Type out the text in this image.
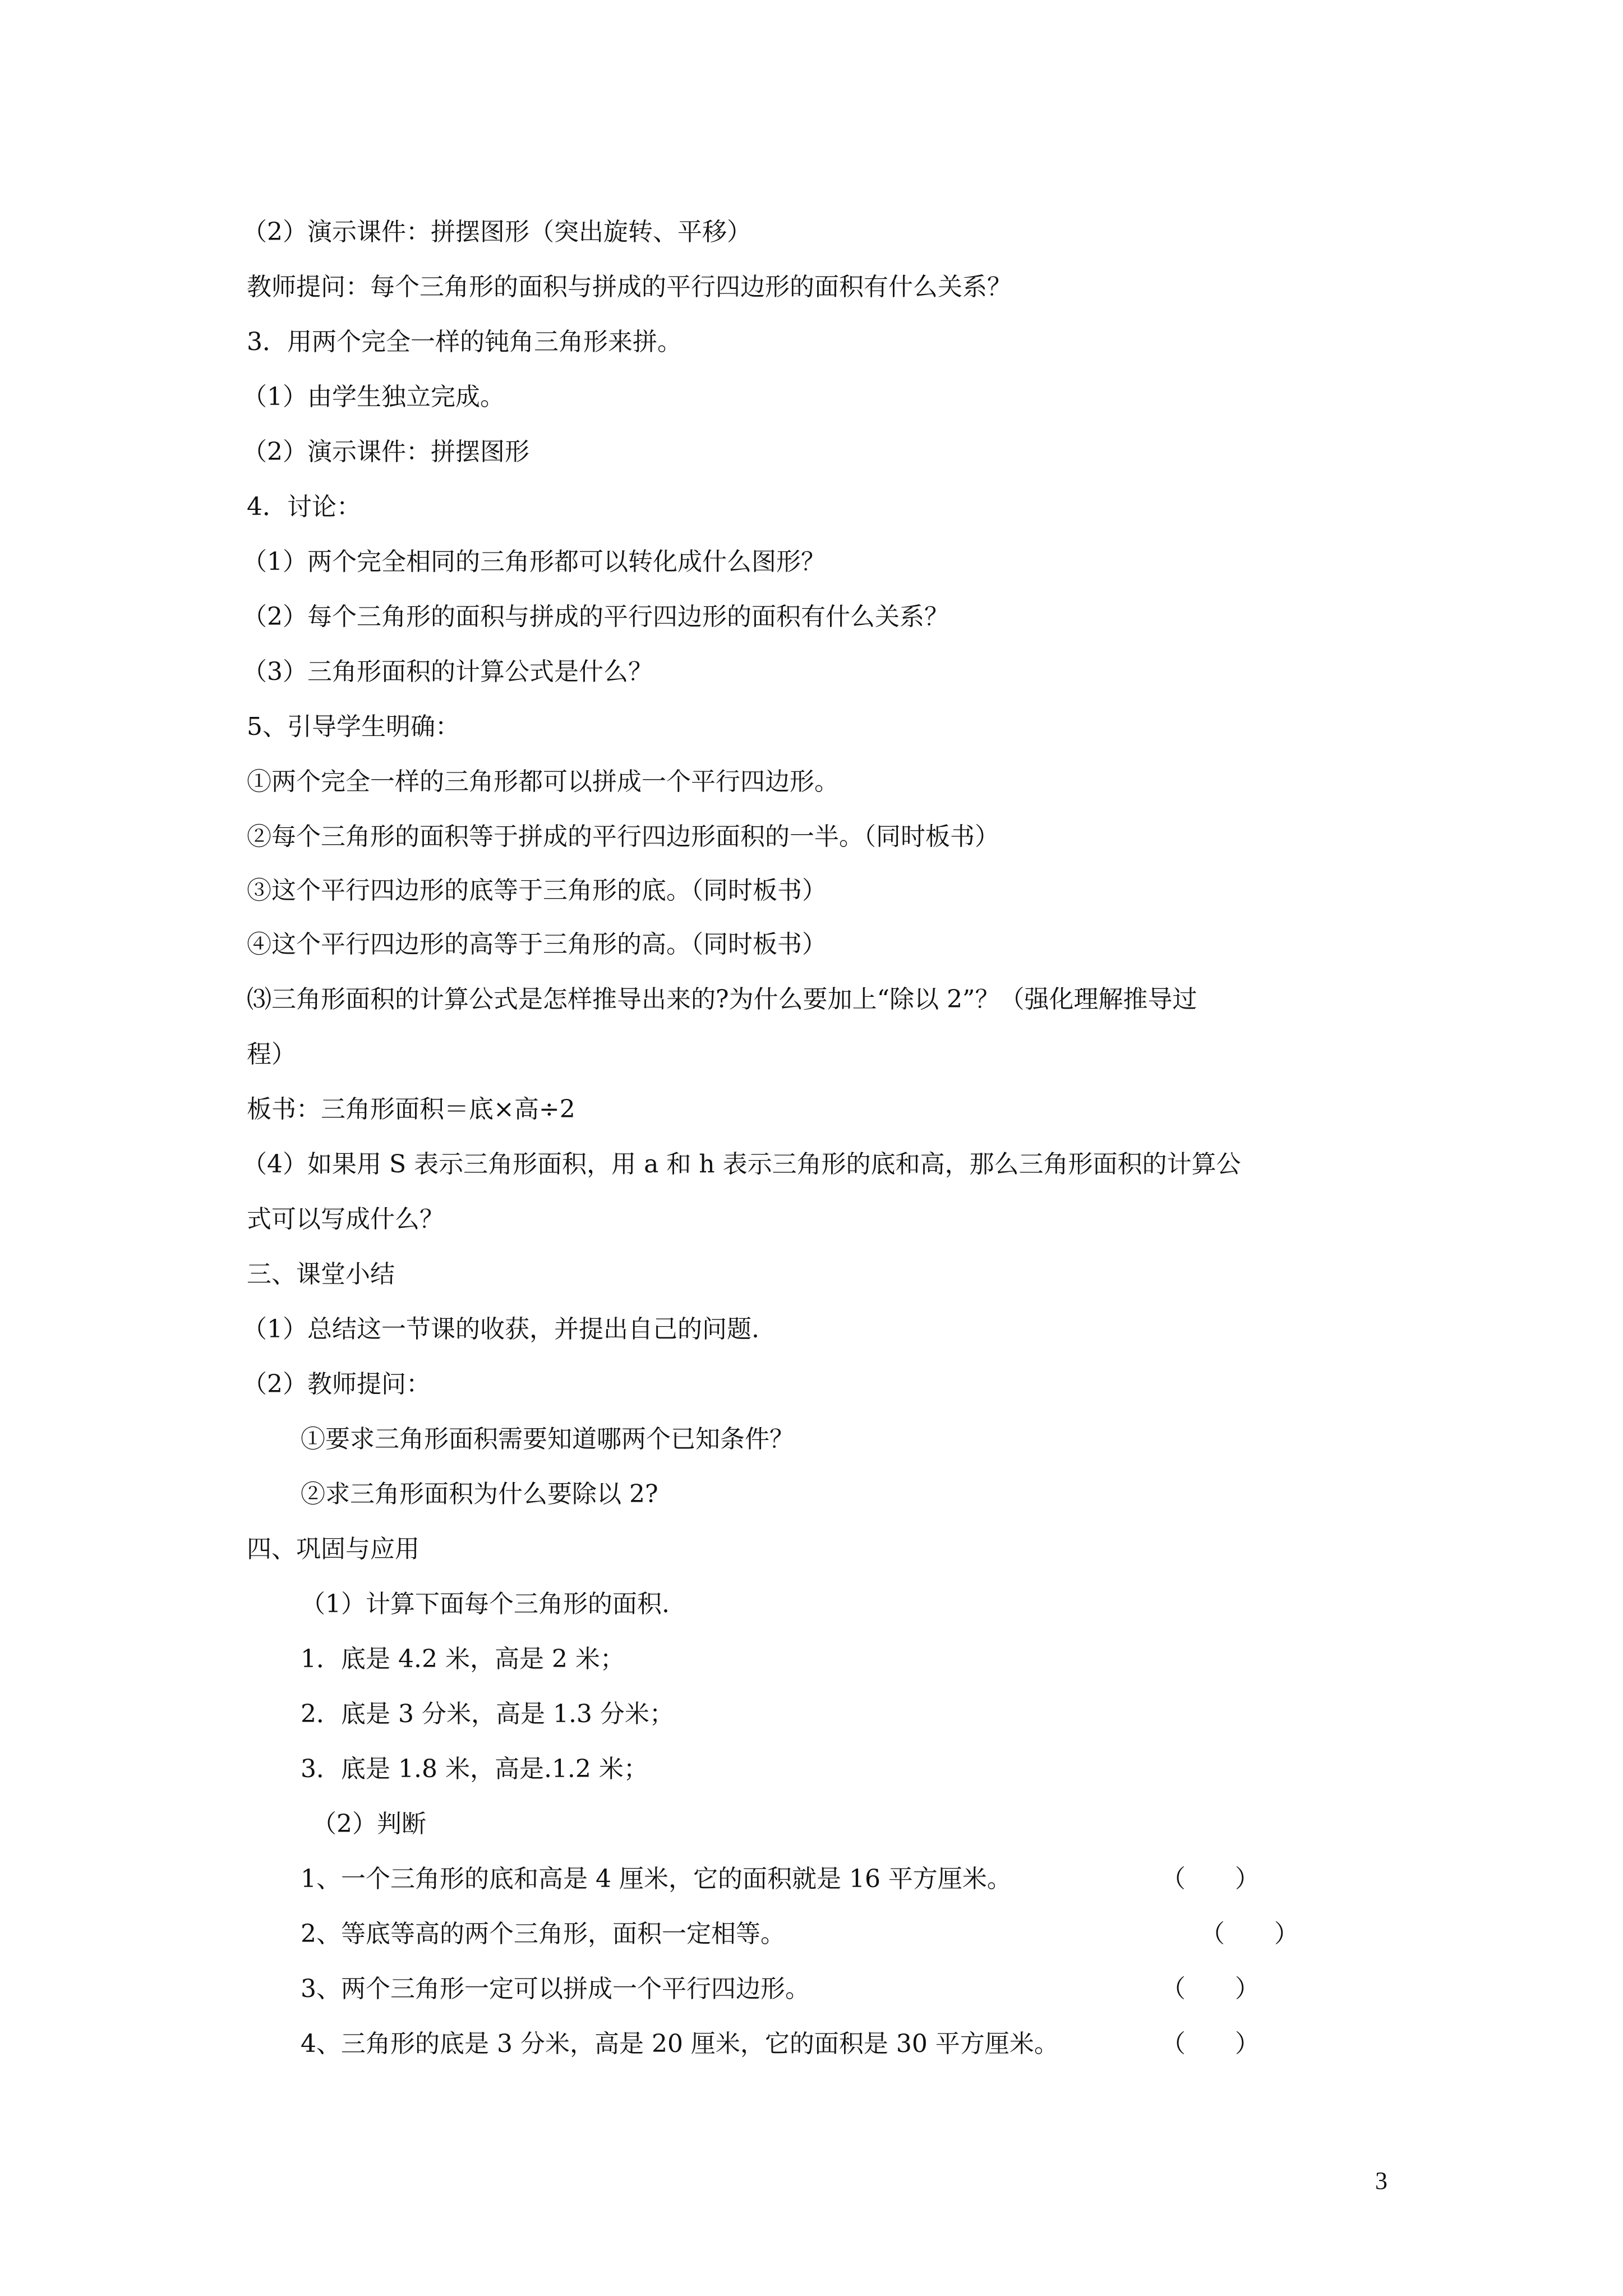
（2）演示课件：拼摆图形（突出旋转、平移）
教师提问：每个三角形的面积与拼成的平行四边形的面积有什么关系？
3．用两个完全一样的钝角三角形来拼。
（1）由学生独立完成。
（2）演示课件：拼摆图形
4．讨论：
（1）两个完全相同的三角形都可以转化成什么图形？
（2）每个三角形的面积与拼成的平行四边形的面积有什么关系？
（3）三角形面积的计算公式是什么？
5、引导学生明确：
①两个完全一样的三角形都可以拼成一个平行四边形。
②每个三角形的面积等于拼成的平行四边形面积的一半。（同时板书）
③这个平行四边形的底等于三角形的底。（同时板书）
④这个平行四边形的高等于三角形的高。（同时板书）
⑶三角形面积的计算公式是怎样推导出来的?为什么要加上“除以 2”？（强化理解推导过
程）
板书：三角形面积＝底×高÷2
（4）如果用 S 表示三角形面积，用 a 和 h 表示三角形的底和高，那么三角形面积的计算公
式可以写成什么？
三、课堂小结
（1）总结这一节课的收获，并提出自己的问题.
（2）教师提问：
①要求三角形面积需要知道哪两个已知条件？
②求三角形面积为什么要除以 2?
四、巩固与应用
（1）计算下面每个三角形的面积.
1．底是 4.2 米，高是 2 米；
2．底是 3 分米，高是 1.3 分米；
3．底是 1.8 米，高是.1.2 米；
（2）判断
1、一个三角形的底和高是 4 厘米，它的面积就是 16 平方厘米。	（　　）
2、等底等高的两个三角形，面积一定相等。	（　　）
3、两个三角形一定可以拼成一个平行四边形。	（　　）
4、三角形的底是 3 分米，高是 20 厘米，它的面积是 30 平方厘米。	（　　）
3
